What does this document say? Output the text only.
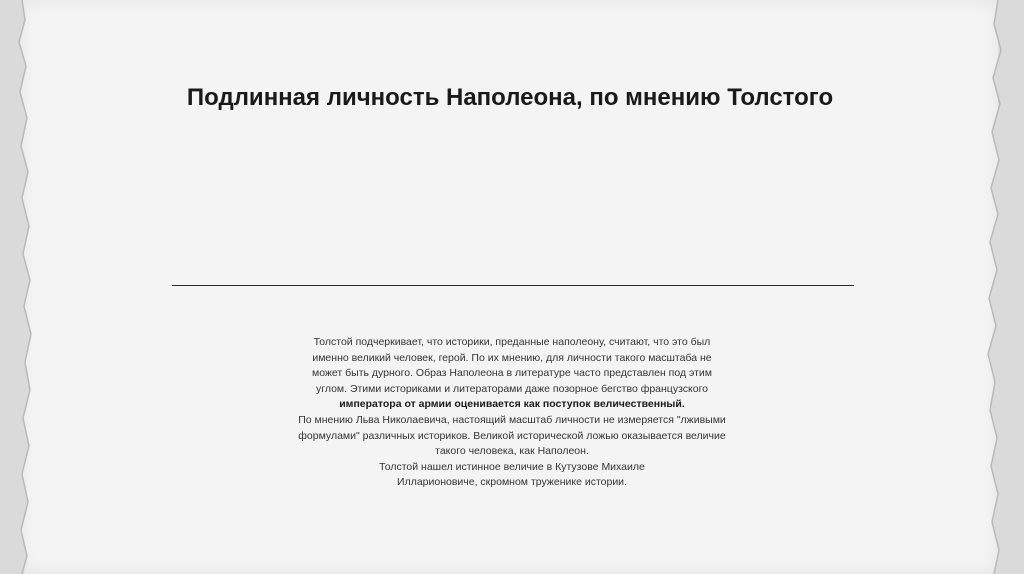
Подлинная личность Наполеона, по мнению Толстого

Толстой подчеркивает, что историки, преданные наполеону, считают, что это был

именно великий человек, герой. По их мнению, для личности такого масштаба не

может быть дурного. Образ Наполеона в литературе часто представлен под этим

углом. Этими историками и литераторами даже позорное бегство французского

императора от армии оценивается как поступок величественный.

По мнению Льва Николаевича, настоящий масштаб личности не измеряется "лживыми

формулами" различных историков. Великой исторической ложью оказывается величие

такого человека, как Наполеон.

Толстой нашел истинное величие в Кутузове Михаиле

Илларионовиче, скромном труженике истории.
